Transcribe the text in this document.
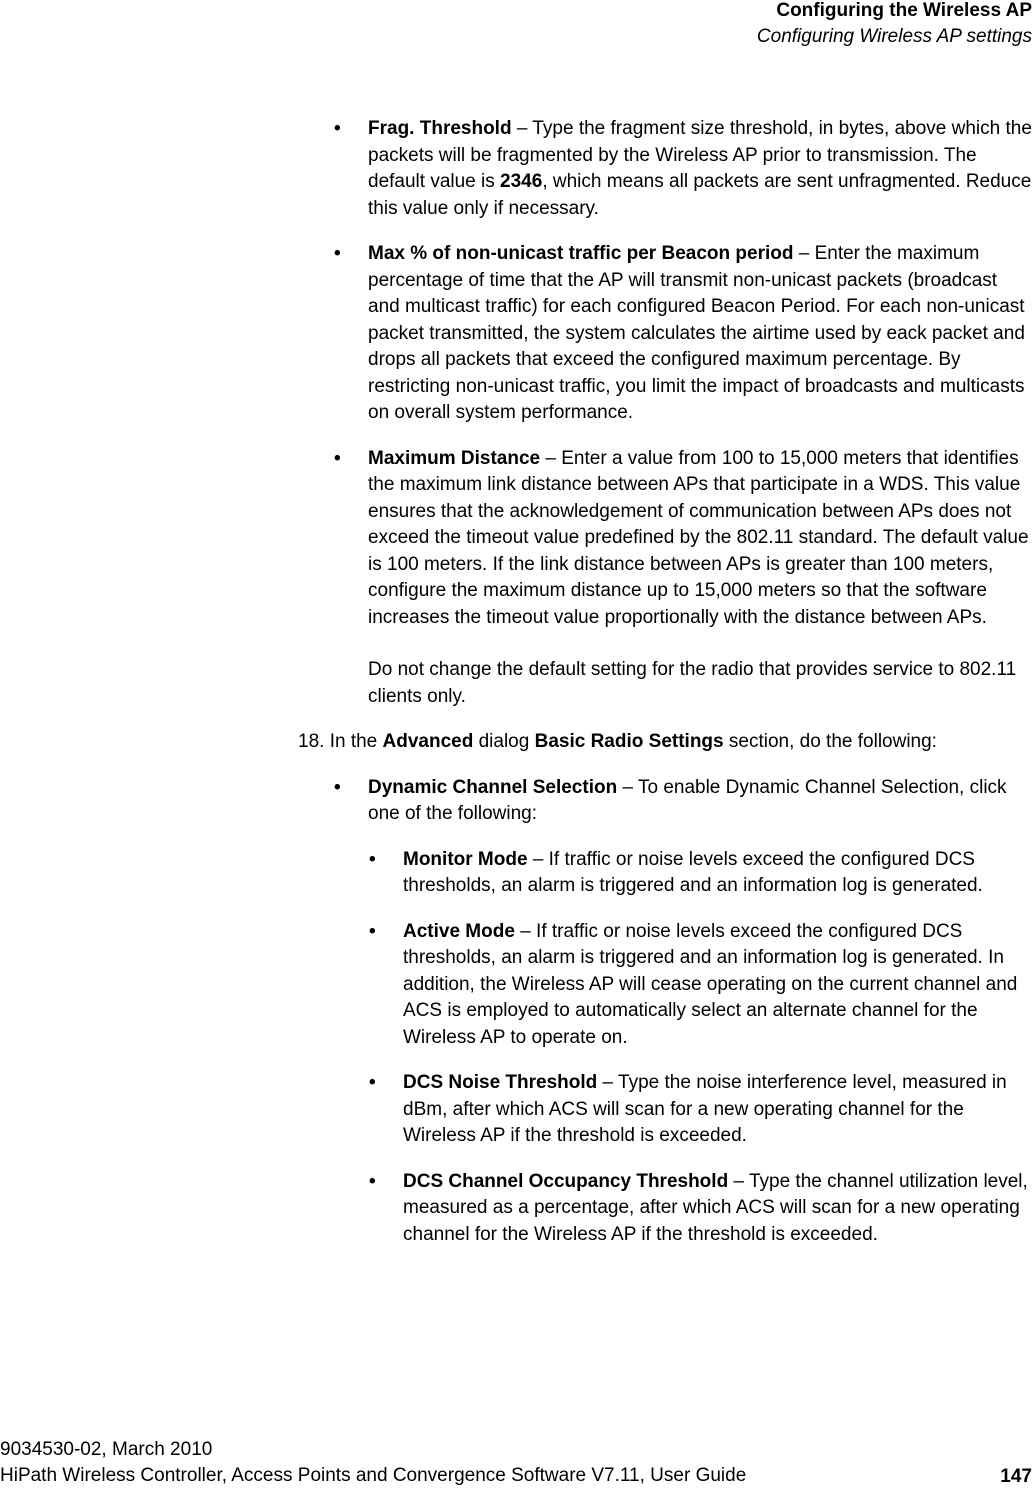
Configuring the Wireless AP
Configuring Wireless AP settings
• Frag. Threshold – Type the fragment size threshold, in bytes, above which the packets will be fragmented by the Wireless AP prior to transmission. The default value is 2346, which means all packets are sent unfragmented. Reduce this value only if necessary.

• Max % of non-unicast traffic per Beacon period – Enter the maximum percentage of time that the AP will transmit non-unicast packets (broadcast and multicast traffic) for each configured Beacon Period. For each non-unicast packet transmitted, the system calculates the airtime used by eack packet and drops all packets that exceed the configured maximum percentage. By restricting non-unicast traffic, you limit the impact of broadcasts and multicasts on overall system performance.

• Maximum Distance – Enter a value from 100 to 15,000 meters that identifies the maximum link distance between APs that participate in a WDS. This value ensures that the acknowledgement of communication between APs does not exceed the timeout value predefined by the 802.11 standard. The default value is 100 meters. If the link distance between APs is greater than 100 meters, configure the maximum distance up to 15,000 meters so that the software increases the timeout value proportionally with the distance between APs.

Do not change the default setting for the radio that provides service to 802.11 clients only.

18. In the Advanced dialog Basic Radio Settings section, do the following:

• Dynamic Channel Selection – To enable Dynamic Channel Selection, click one of the following:

• Monitor Mode – If traffic or noise levels exceed the configured DCS thresholds, an alarm is triggered and an information log is generated.

• Active Mode – If traffic or noise levels exceed the configured DCS thresholds, an alarm is triggered and an information log is generated. In addition, the Wireless AP will cease operating on the current channel and ACS is employed to automatically select an alternate channel for the Wireless AP to operate on.

• DCS Noise Threshold – Type the noise interference level, measured in dBm, after which ACS will scan for a new operating channel for the Wireless AP if the threshold is exceeded.

• DCS Channel Occupancy Threshold – Type the channel utilization level, measured as a percentage, after which ACS will scan for a new operating channel for the Wireless AP if the threshold is exceeded.

9034530-02, March 2010
HiPath Wireless Controller, Access Points and Convergence Software V7.11, User Guide	147
